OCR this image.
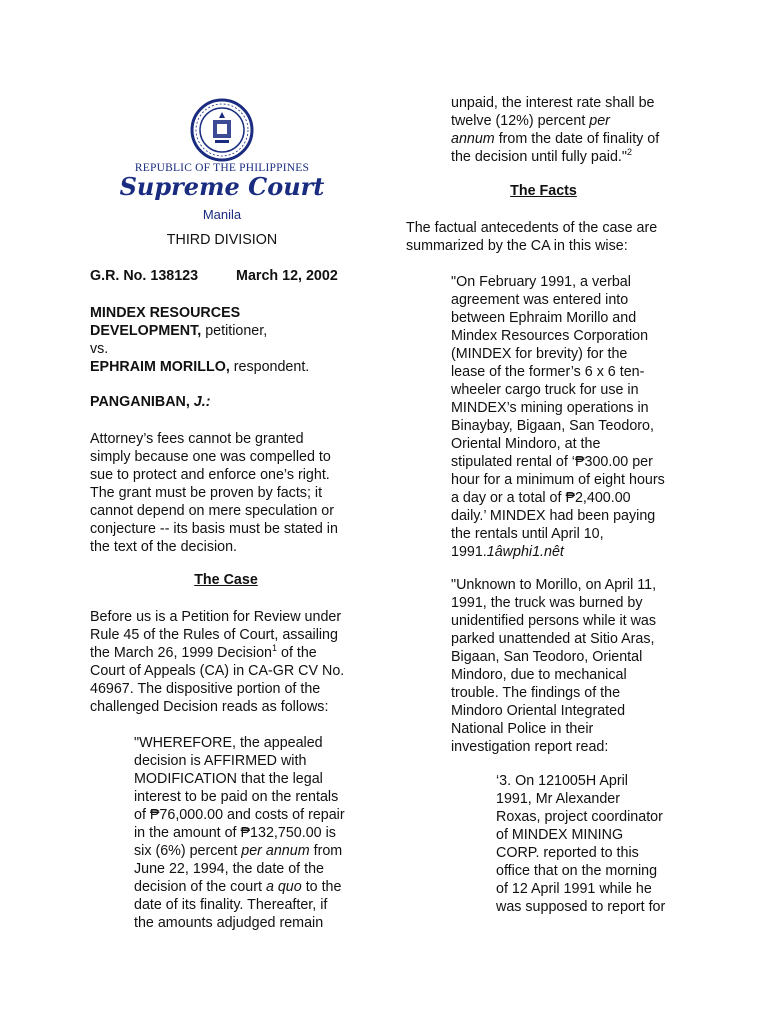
REPUBLIC OF THE PHILIPPINES
Supreme Court
Manila
THIRD DIVISION
G.R. No. 138123	March 12, 2002

MINDEX RESOURCES

DEVELOPMENT, petitioner,

vs.

EPHRAIM MORILLO, respondent.

PANGANIBAN, J.:

Attorney’s fees cannot be granted

simply because one was compelled to

sue to protect and enforce one’s right.

The grant must be proven by facts; it

cannot depend on mere speculation or

conjecture -- its basis must be stated in

the text of the decision.

The Case

Before us is a Petition for Review under

Rule 45 of the Rules of Court, assailing

the March 26, 1999 Decision$^1$ of the

Court of Appeals (CA) in CA-GR CV No.

46967. The dispositive portion of the

challenged Decision reads as follows:

"WHEREFORE, the appealed

decision is AFFIRMED with

MODIFICATION that the legal

interest to be paid on the rentals

of ₱76,000.00 and costs of repair

in the amount of ₱132,750.00 is

six (6%) percent per annum from

June 22, 1994, the date of the

decision of the court a quo to the

date of its finality. Thereafter, if

the amounts adjudged remain

unpaid, the interest rate shall be

twelve (12%) percent per

annum from the date of finality of

the decision until fully paid."$^2$

The Facts

The factual antecedents of the case are

summarized by the CA in this wise:

"On February 1991, a verbal

agreement was entered into

between Ephraim Morillo and

Mindex Resources Corporation

(MINDEX for brevity) for the

lease of the former’s 6 x 6 ten-

wheeler cargo truck for use in

MINDEX’s mining operations in

Binaybay, Bigaan, San Teodoro,

Oriental Mindoro, at the

stipulated rental of ‘₱300.00 per

hour for a minimum of eight hours

a day or a total of ₱2,400.00

daily.’ MINDEX had been paying

the rentals until April 10,

1991.1âwphi1.nêt

"Unknown to Morillo, on April 11,

1991, the truck was burned by

unidentified persons while it was

parked unattended at Sitio Aras,

Bigaan, San Teodoro, Oriental

Mindoro, due to mechanical

trouble. The findings of the

Mindoro Oriental Integrated

National Police in their

investigation report read:

‘3. On 121005H April

1991, Mr Alexander

Roxas, project coordinator

of MINDEX MINING

CORP. reported to this

office that on the morning

of 12 April 1991 while he

was supposed to report for
